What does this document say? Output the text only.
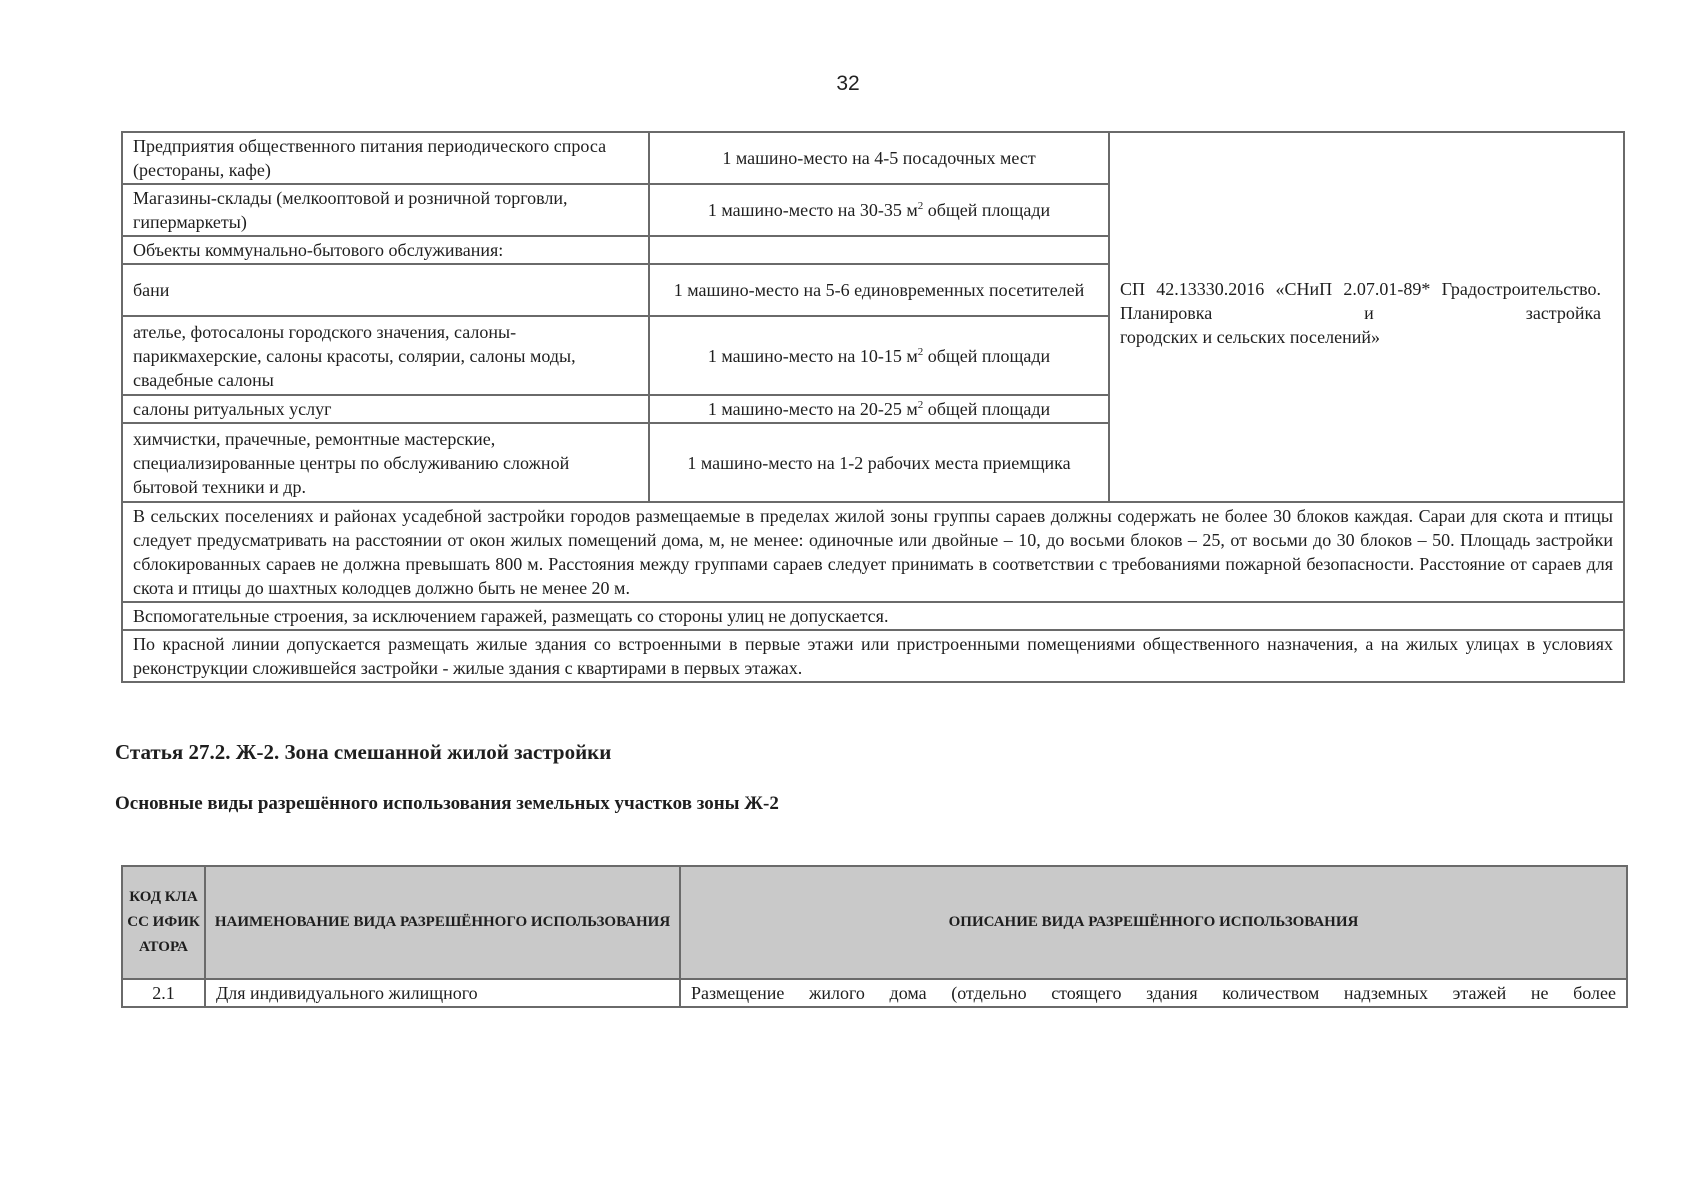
32
Предприятия общественного питания периодического спроса (рестораны, кафе)	1 машино-место на 4-5 посадочных мест	СП 42.13330.2016 «СНиП 2.07.01-89* Градостроительство. Планировка и застройка
городских и сельских поселений»

Магазины-склады (мелкооптовой и розничной торговли, гипермаркеты)	1 машино-место на 30-35 $м^2$ общей площади	
Объекты коммунально-бытового обслуживания:		
бани	1 машино-место на 5-6 единовременных посетителей	
ателье, фотосалоны городского значения, салоны-парикмахерские, салоны красоты, солярии, салоны моды, свадебные салоны	1 машино-место на 10-15 $м^2$ общей площади	
салоны ритуальных услуг	1 машино-место на 20-25 $м^2$ общей площади	
химчистки, прачечные, ремонтные мастерские, специализированные центры по обслуживанию сложной бытовой техники и др.	1 машино-место на 1-2 рабочих места приемщика	

В сельских поселениях и районах усадебной застройки городов размещаемые в пределах жилой зоны группы сараев должны содержать не более 30 блоков каждая. Сараи для скота и птицы следует предусматривать на расстоянии от окон жилых помещений дома, м, не менее: одиночные или двойные – 10, до восьми блоков – 25, от восьми до 30 блоков – 50. Площадь застройки сблокированных сараев не должна превышать 800 м. Расстояния между группами сараев следует принимать в соответствии с требованиями пожарной безопасности. Расстояние от сараев для скота и птицы до шахтных колодцев должно быть не менее 20 м.		

Вспомогательные строения, за исключением гаражей, размещать со стороны улиц не допускается.		

По красной линии допускается размещать жилые здания со встроенными в первые этажи или пристроенными помещениями общественного назначения, а на жилых улицах в условиях реконструкции сложившейся застройки - жилые здания с квартирами в первых этажах.		
Статья 27.2. Ж-2. Зона смешанной жилой застройки
Основные виды разрешённого использования земельных участков зоны Ж-2
КОД КЛАСС ИФИК АТОРА	НАИМЕНОВАНИЕ ВИДА РАЗРЕШЁННОГО ИСПОЛЬЗОВАНИЯ	ОПИСАНИЕ ВИДА РАЗРЕШЁННОГО ИСПОЛЬЗОВАНИЯ
2.1	Для индивидуального жилищного	Размещение жилого дома (отдельно стоящего здания количеством надземных этажей не более
